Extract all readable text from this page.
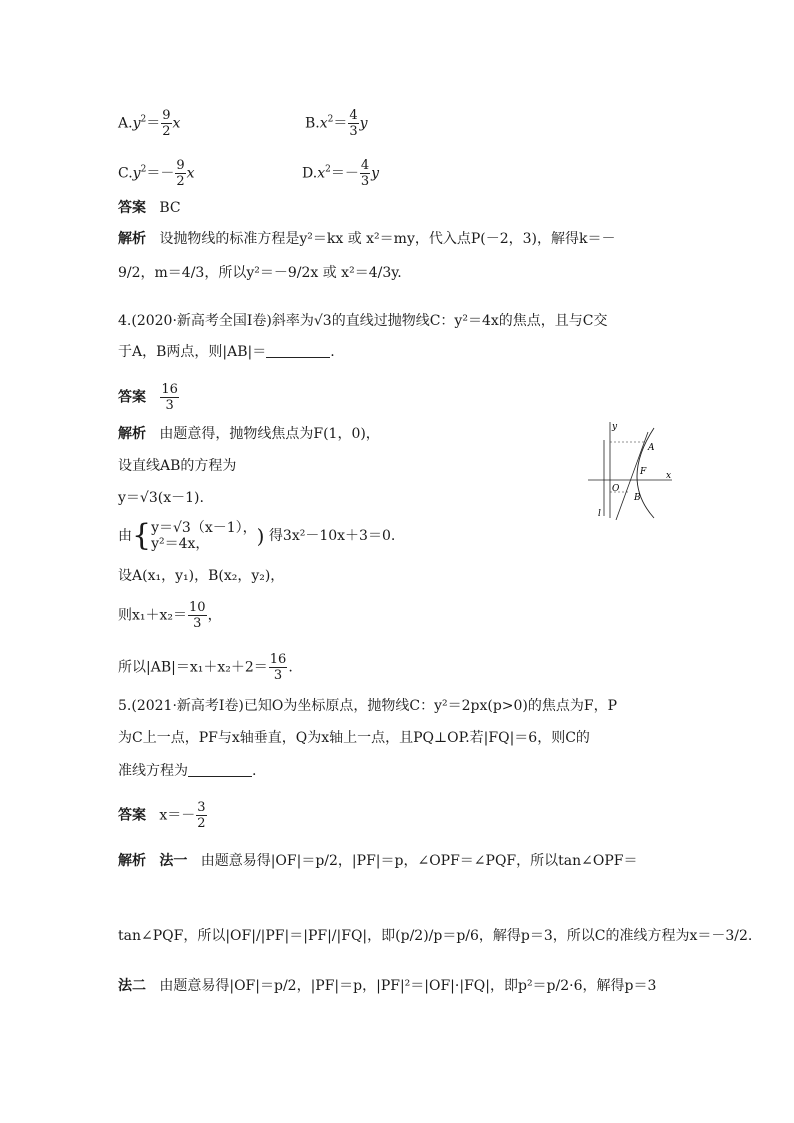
$A.y^2= \frac{9}{2}$ x	$B.x^2= \frac{4}{3}$ y
$C.y^2=- \frac{9}{2}$ x	$D.x^2=- \frac{4}{3}$ y
答案 BC
解析 设抛物线的标准方程是y²＝kx 或 x²＝my，代入点P(－2，3)，解得k＝－
9/2，m＝4/3，所以y²＝－9/2x 或 x²＝4/3y.
4.(2020·新高考全国Ⅰ卷)斜率为√3的直线过抛物线C：y²＝4x的焦点，且与C交
于A，B两点，则|AB|＝	.
答案 $\frac{16}{3}$
解析 由题意得，抛物线焦点为F(1，0)，
设直线AB的方程为
y＝√3(x－1).
由{ y＝√3（x－1），
y²＝4x，	) 得3x²－10x＋3＝0.
设A(x₁，y₁)，B(x₂，y₂)，
则$x_1+x_2= \frac{10}{3}$ ，
所以$|AB|=x_1+x_2+2= \frac{16}{3}$ .
y
x
O
A
F
B
l
5.(2021·新高考Ⅰ卷)已知O为坐标原点，抛物线C：y²＝2px(p>0)的焦点为F，P
为C上一点，PF与x轴垂直，Q为x轴上一点，且PQ⊥OP.若|FQ|＝6，则C的
准线方程为	.
答案 $x=- \frac{3}{2}$
解析 法一 由题意易得|OF|＝p/2，|PF|＝p，∠OPF＝∠PQF，所以tan∠OPF＝
tan∠PQF，所以|OF|/|PF|＝|PF|/|FQ|，即(p/2)/p＝p/6，解得p＝3，所以C的准线方程为x＝－3/2.
法二 由题意易得|OF|＝p/2，|PF|＝p，|PF|²＝|OF|·|FQ|，即p²＝p/2·6，解得p＝3
